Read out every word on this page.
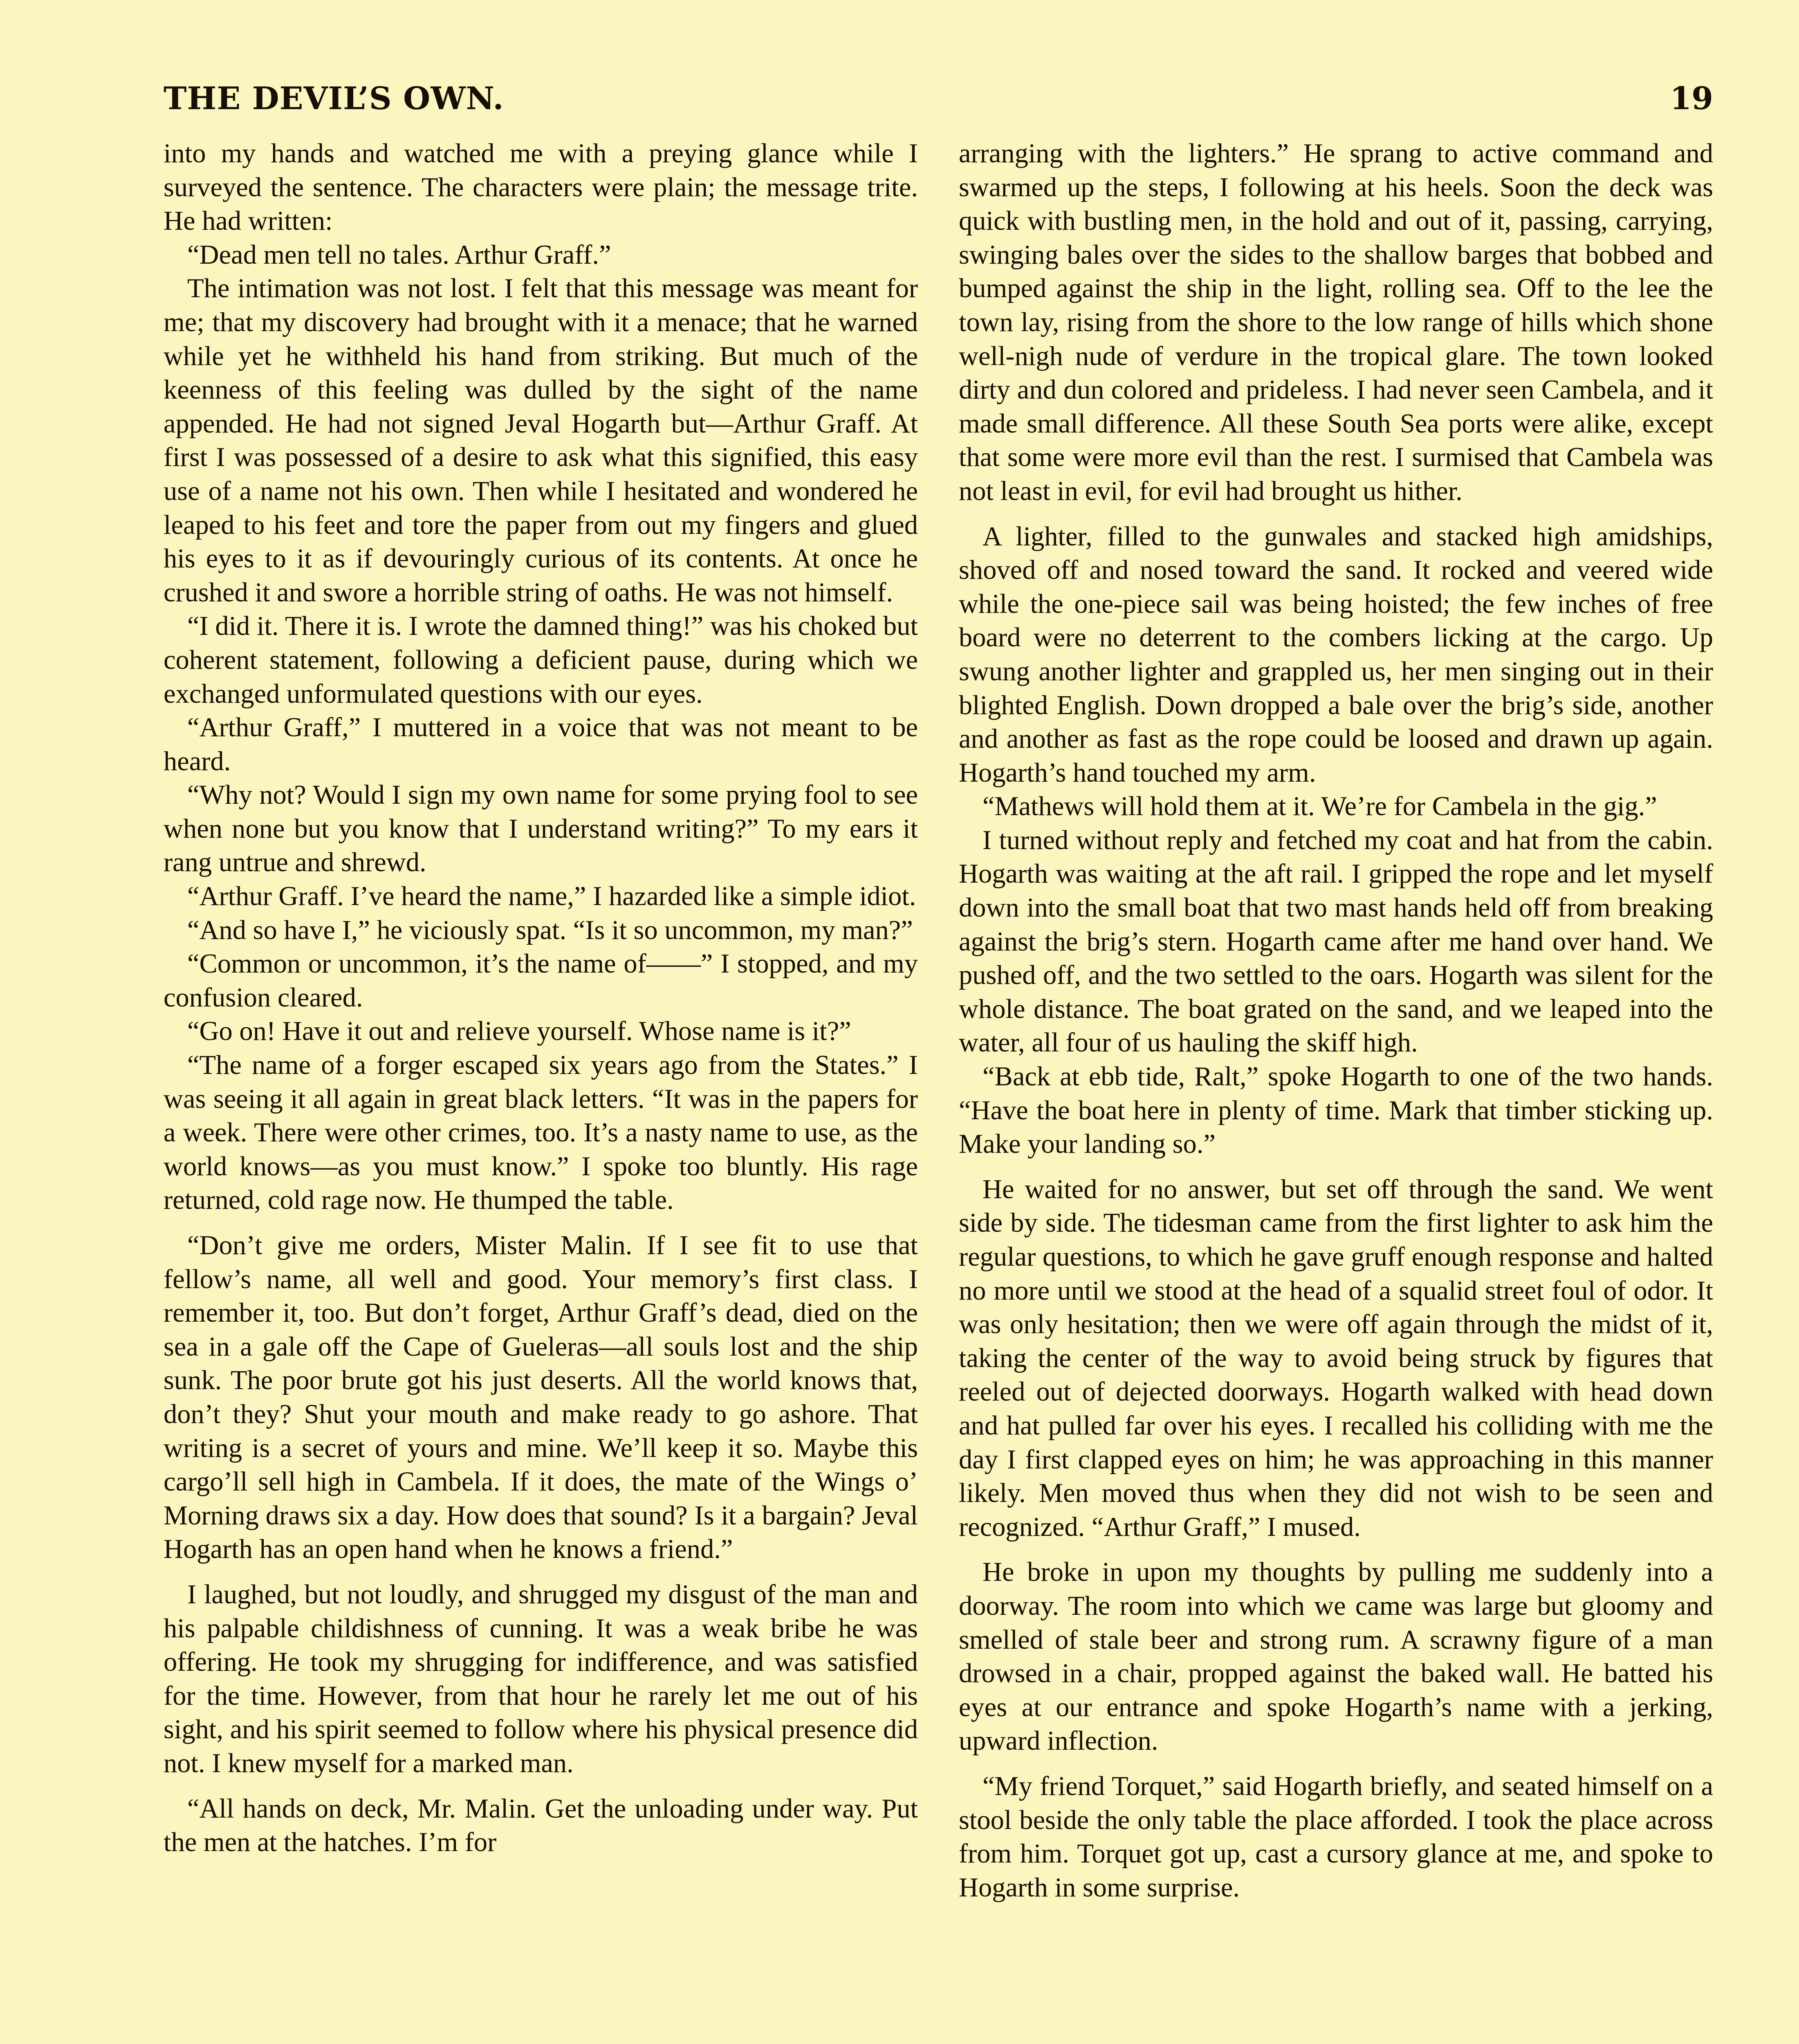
THE DEVIL’S OWN.	19

into my hands and watched me with a preying glance while I surveyed the sentence. The characters were plain; the message trite. He had written:

“Dead men tell no tales. Arthur Graff.”

The intimation was not lost. I felt that this message was meant for me; that my discovery had brought with it a menace; that he warned while yet he withheld his hand from striking. But much of the keenness of this feeling was dulled by the sight of the name appended. He had not signed Jeval Hogarth but—Arthur Graff. At first I was possessed of a desire to ask what this signified, this easy use of a name not his own. Then while I hesitated and wondered he leaped to his feet and tore the paper from out my fingers and glued his eyes to it as if devouringly curious of its contents. At once he crushed it and swore a horrible string of oaths. He was not himself.

“I did it. There it is. I wrote the damned thing!” was his choked but coherent statement, following a deficient pause, during which we exchanged unformulated questions with our eyes.

“Arthur Graff,” I muttered in a voice that was not meant to be heard.

“Why not? Would I sign my own name for some prying fool to see when none but you know that I understand writing?” To my ears it rang untrue and shrewd.

“Arthur Graff. I’ve heard the name,” I hazarded like a simple idiot.

“And so have I,” he viciously spat. “Is it so uncommon, my man?”

“Common or uncommon, it’s the name of——” I stopped, and my confusion cleared.

“Go on! Have it out and relieve yourself. Whose name is it?”

“The name of a forger escaped six years ago from the States.” I was seeing it all again in great black letters. “It was in the papers for a week. There were other crimes, too. It’s a nasty name to use, as the world knows—as you must know.” I spoke too bluntly. His rage returned, cold rage now. He thumped the table.

“Don’t give me orders, Mister Malin. If I see fit to use that fellow’s name, all well and good. Your memory’s first class. I remember it, too. But don’t forget, Arthur Graff’s dead, died on the sea in a gale off the Cape of Gueleras—all souls lost and the ship sunk. The poor brute got his just deserts. All the world knows that, don’t they? Shut your mouth and make ready to go ashore. That writing is a secret of yours and mine. We’ll keep it so. Maybe this cargo’ll sell high in Cambela. If it does, the mate of the Wings o’ Morning draws six a day. How does that sound? Is it a bargain? Jeval Hogarth has an open hand when he knows a friend.”

I laughed, but not loudly, and shrugged my disgust of the man and his palpable childishness of cunning. It was a weak bribe he was offering. He took my shrugging for indifference, and was satisfied for the time. However, from that hour he rarely let me out of his sight, and his spirit seemed to follow where his physical presence did not. I knew myself for a marked man.

“All hands on deck, Mr. Malin. Get the unloading under way. Put the men at the hatches. I’m for

arranging with the lighters.” He sprang to active command and swarmed up the steps, I following at his heels. Soon the deck was quick with bustling men, in the hold and out of it, passing, carrying, swinging bales over the sides to the shallow barges that bobbed and bumped against the ship in the light, rolling sea. Off to the lee the town lay, rising from the shore to the low range of hills which shone well-nigh nude of verdure in the tropical glare. The town looked dirty and dun colored and prideless. I had never seen Cambela, and it made small difference. All these South Sea ports were alike, except that some were more evil than the rest. I surmised that Cambela was not least in evil, for evil had brought us hither.

A lighter, filled to the gunwales and stacked high amidships, shoved off and nosed toward the sand. It rocked and veered wide while the one-piece sail was being hoisted; the few inches of free board were no deterrent to the combers licking at the cargo. Up swung another lighter and grappled us, her men singing out in their blighted English. Down dropped a bale over the brig’s side, another and another as fast as the rope could be loosed and drawn up again. Hogarth’s hand touched my arm.

“Mathews will hold them at it. We’re for Cambela in the gig.”

I turned without reply and fetched my coat and hat from the cabin. Hogarth was waiting at the aft rail. I gripped the rope and let myself down into the small boat that two mast hands held off from breaking against the brig’s stern. Hogarth came after me hand over hand. We pushed off, and the two settled to the oars. Hogarth was silent for the whole distance. The boat grated on the sand, and we leaped into the water, all four of us hauling the skiff high.

“Back at ebb tide, Ralt,” spoke Hogarth to one of the two hands. “Have the boat here in plenty of time. Mark that timber sticking up. Make your landing so.”

He waited for no answer, but set off through the sand. We went side by side. The tidesman came from the first lighter to ask him the regular questions, to which he gave gruff enough response and halted no more until we stood at the head of a squalid street foul of odor. It was only hesitation; then we were off again through the midst of it, taking the center of the way to avoid being struck by figures that reeled out of dejected doorways. Hogarth walked with head down and hat pulled far over his eyes. I recalled his colliding with me the day I first clapped eyes on him; he was approaching in this manner likely. Men moved thus when they did not wish to be seen and recognized. “Arthur Graff,” I mused.

He broke in upon my thoughts by pulling me suddenly into a doorway. The room into which we came was large but gloomy and smelled of stale beer and strong rum. A scrawny figure of a man drowsed in a chair, propped against the baked wall. He batted his eyes at our entrance and spoke Hogarth’s name with a jerking, upward inflection.

“My friend Torquet,” said Hogarth briefly, and seated himself on a stool beside the only table the place afforded. I took the place across from him. Torquet got up, cast a cursory glance at me, and spoke to Hogarth in some surprise.
